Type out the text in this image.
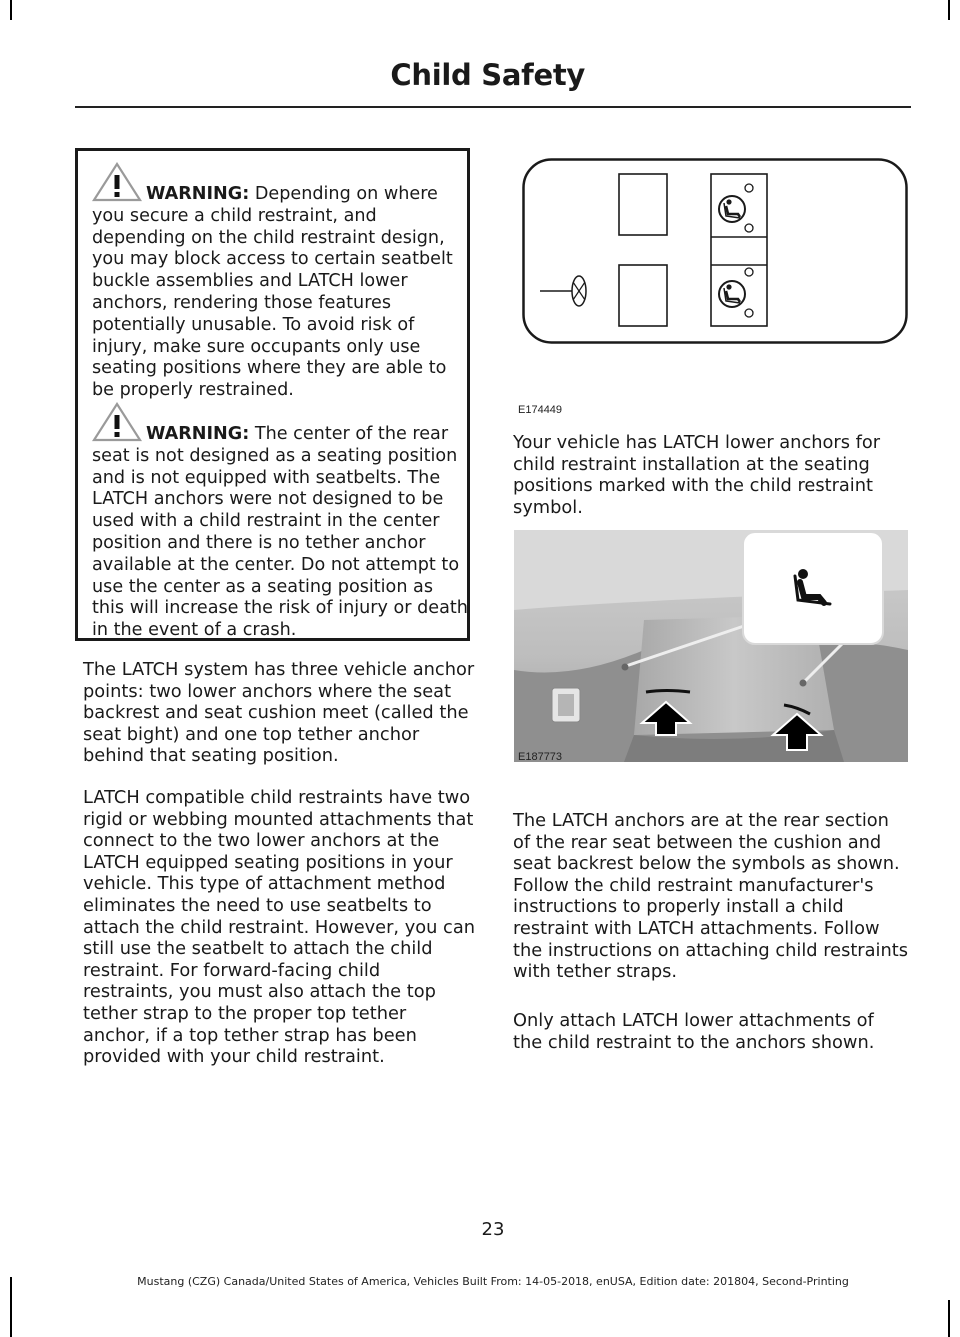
Child Safety

WARNING: Depending on where you secure a child restraint, and depending on the child restraint design, you may block access to certain seatbelt buckle assemblies and LATCH lower anchors, rendering those features potentially unusable. To avoid risk of injury, make sure occupants only use seating positions where they are able to be properly restrained.

WARNING: The center of the rear seat is not designed as a seating position and is not equipped with seatbelts. The LATCH anchors were not designed to be used with a child restraint in the center position and there is no tether anchor available at the center. Do not attempt to use the center as a seating position as this will increase the risk of injury or death in the event of a crash.

The LATCH system has three vehicle anchor points: two lower anchors where the seat backrest and seat cushion meet (called the seat bight) and one top tether anchor behind that seating position.

LATCH compatible child restraints have two rigid or webbing mounted attachments that connect to the two lower anchors at the LATCH equipped seating positions in your vehicle. This type of attachment method eliminates the need to use seatbelts to attach the child restraint. However, you can still use the seatbelt to attach the child restraint. For forward-facing child restraints, you must also attach the top tether strap to the proper top tether anchor, if a top tether strap has been provided with your child restraint.

E174449

Your vehicle has LATCH lower anchors for child restraint installation at the seating positions marked with the child restraint symbol.

E187773

The LATCH anchors are at the rear section of the rear seat between the cushion and seat backrest below the symbols as shown. Follow the child restraint manufacturer's instructions to properly install a child restraint with LATCH attachments. Follow the instructions on attaching child restraints with tether straps.

Only attach LATCH lower attachments of the child restraint to the anchors shown.

23
Mustang (CZG) Canada/United States of America, Vehicles Built From: 14-05-2018, enUSA, Edition date: 201804, Second-Printing
